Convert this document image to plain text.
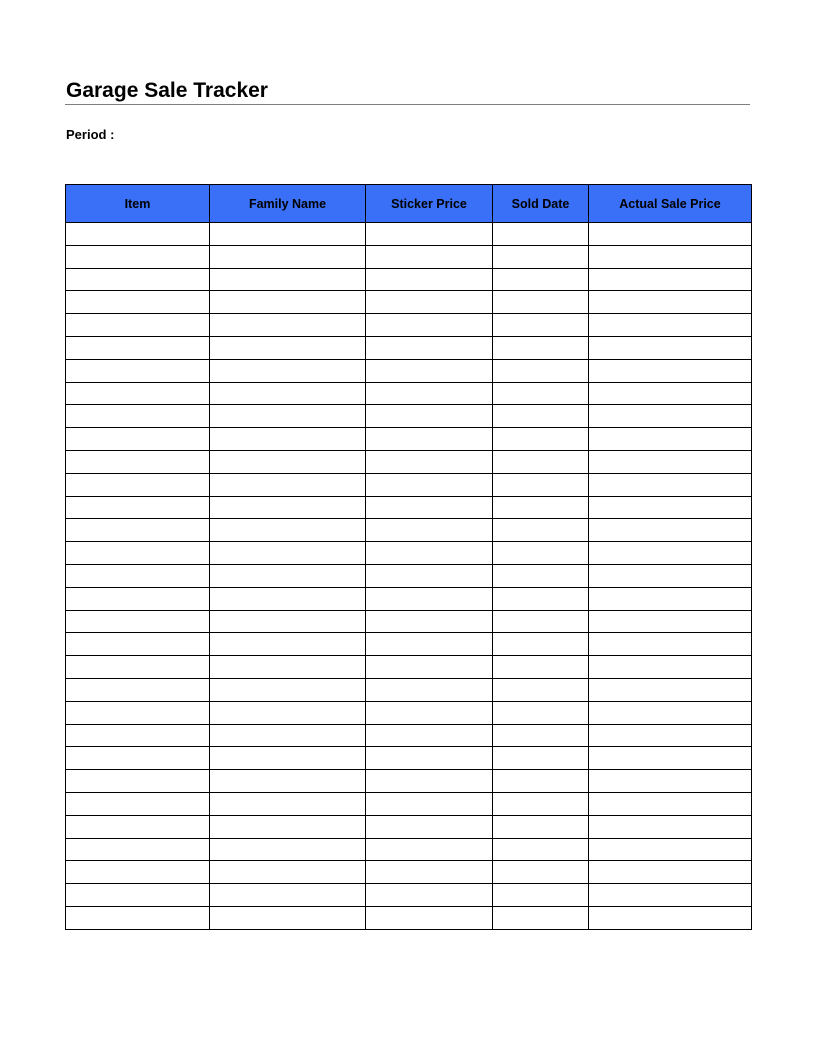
Garage Sale Tracker
Period :
Item	Family Name	Sticker Price	Sold Date	Actual Sale Price
